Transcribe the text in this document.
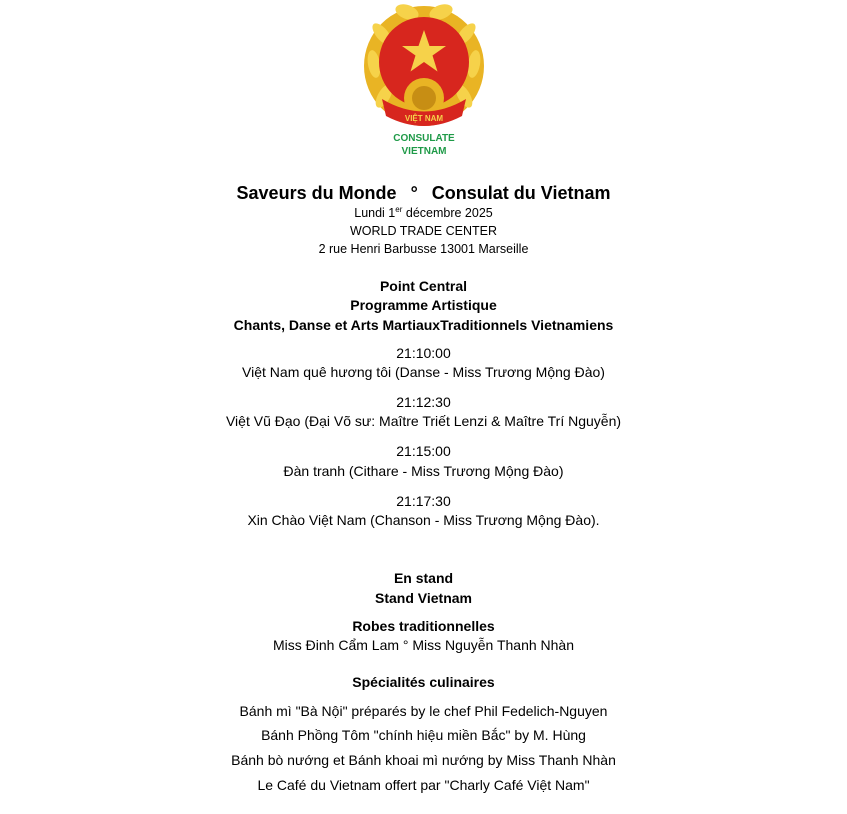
VIỆT NAM
CONSULATE
VIETNAM
Saveurs du Monde ° Consulat du Vietnam
Lundi 1er décembre 2025
WORLD TRADE CENTER
2 rue Henri Barbusse 13001 Marseille
Point Central
Programme Artistique
Chants, Danse et Arts MartiauxTraditionnels Vietnamiens
21:10:00
Việt Nam quê hương tôi (Danse - Miss Trương Mộng Đào)
21:12:30
Việt Vũ Đạo (Đại Võ sư: Maître Triết Lenzi & Maître Trí Nguyễn)
21:15:00
Đàn tranh (Cithare - Miss Trương Mộng Đào)
21:17:30
Xin Chào Việt Nam (Chanson - Miss Trương Mộng Đào).
En stand
Stand Vietnam
Robes traditionnelles
Miss Đinh Cẩm Lam ° Miss Nguyễn Thanh Nhàn
Spécialités culinaires
Bánh mì "Bà Nội" préparés by le chef Phil Fedelich-Nguyen
Bánh Phồng Tôm "chính hiệu miền Bắc" by M. Hùng
Bánh bò nướng et Bánh khoai mì nướng by Miss Thanh Nhàn
Le Café du Vietnam offert par "Charly Café Việt Nam"
